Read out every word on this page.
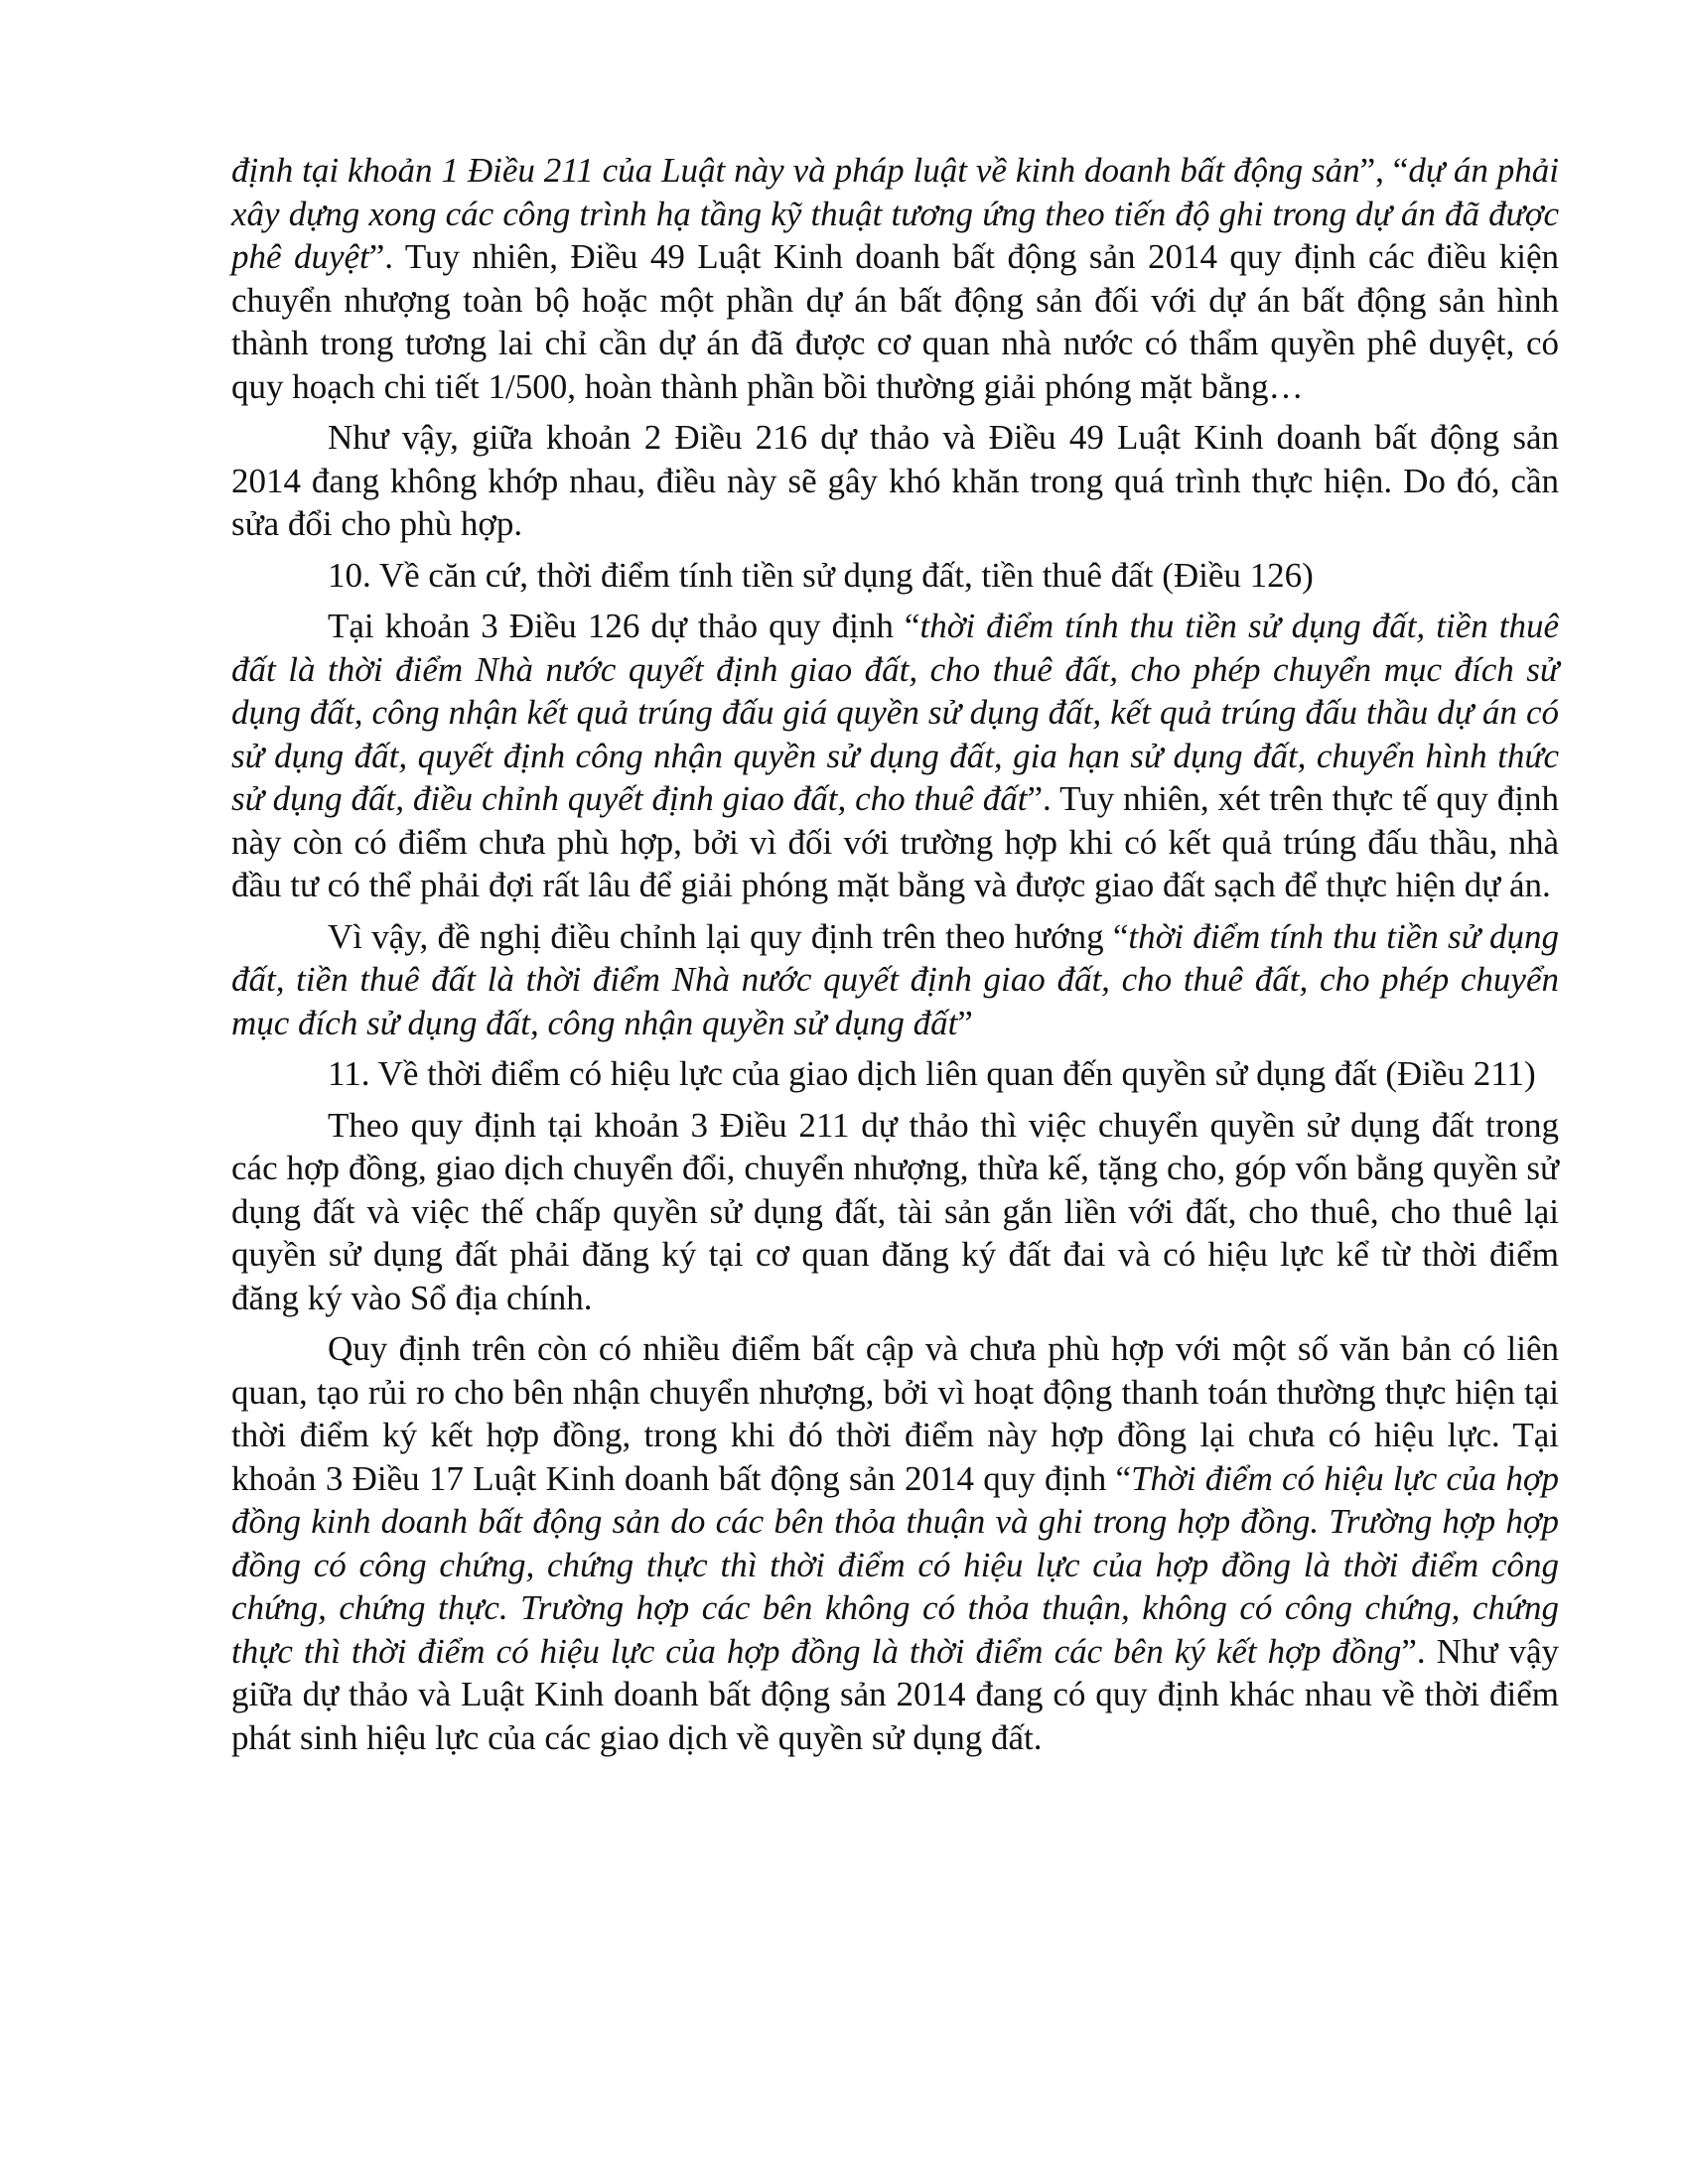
định tại khoản 1 Điều 211 của Luật này và pháp luật về kinh doanh bất động sản”, “dự án phải xây dựng xong các công trình hạ tầng kỹ thuật tương ứng theo tiến độ ghi trong dự án đã được phê duyệt”. Tuy nhiên, Điều 49 Luật Kinh doanh bất động sản 2014 quy định các điều kiện chuyển nhượng toàn bộ hoặc một phần dự án bất động sản đối với dự án bất động sản hình thành trong tương lai chỉ cần dự án đã được cơ quan nhà nước có thẩm quyền phê duyệt, có quy hoạch chi tiết 1/500, hoàn thành phần bồi thường giải phóng mặt bằng…

Như vậy, giữa khoản 2 Điều 216 dự thảo và Điều 49 Luật Kinh doanh bất động sản 2014 đang không khớp nhau, điều này sẽ gây khó khăn trong quá trình thực hiện. Do đó, cần sửa đổi cho phù hợp.

10. Về căn cứ, thời điểm tính tiền sử dụng đất, tiền thuê đất (Điều 126)

Tại khoản 3 Điều 126 dự thảo quy định “thời điểm tính thu tiền sử dụng đất, tiền thuê đất là thời điểm Nhà nước quyết định giao đất, cho thuê đất, cho phép chuyển mục đích sử dụng đất, công nhận kết quả trúng đấu giá quyền sử dụng đất, kết quả trúng đấu thầu dự án có sử dụng đất, quyết định công nhận quyền sử dụng đất, gia hạn sử dụng đất, chuyển hình thức sử dụng đất, điều chỉnh quyết định giao đất, cho thuê đất”. Tuy nhiên, xét trên thực tế quy định này còn có điểm chưa phù hợp, bởi vì đối với trường hợp khi có kết quả trúng đấu thầu, nhà đầu tư có thể phải đợi rất lâu để giải phóng mặt bằng và được giao đất sạch để thực hiện dự án.

Vì vậy, đề nghị điều chỉnh lại quy định trên theo hướng “thời điểm tính thu tiền sử dụng đất, tiền thuê đất là thời điểm Nhà nước quyết định giao đất, cho thuê đất, cho phép chuyển mục đích sử dụng đất, công nhận quyền sử dụng đất”

11. Về thời điểm có hiệu lực của giao dịch liên quan đến quyền sử dụng đất (Điều 211)

Theo quy định tại khoản 3 Điều 211 dự thảo thì việc chuyển quyền sử dụng đất trong các hợp đồng, giao dịch chuyển đổi, chuyển nhượng, thừa kế, tặng cho, góp vốn bằng quyền sử dụng đất và việc thế chấp quyền sử dụng đất, tài sản gắn liền với đất, cho thuê, cho thuê lại quyền sử dụng đất phải đăng ký tại cơ quan đăng ký đất đai và có hiệu lực kể từ thời điểm đăng ký vào Sổ địa chính.

Quy định trên còn có nhiều điểm bất cập và chưa phù hợp với một số văn bản có liên quan, tạo rủi ro cho bên nhận chuyển nhượng, bởi vì hoạt động thanh toán thường thực hiện tại thời điểm ký kết hợp đồng, trong khi đó thời điểm này hợp đồng lại chưa có hiệu lực. Tại khoản 3 Điều 17 Luật Kinh doanh bất động sản 2014 quy định “Thời điểm có hiệu lực của hợp đồng kinh doanh bất động sản do các bên thỏa thuận và ghi trong hợp đồng. Trường hợp hợp đồng có công chứng, chứng thực thì thời điểm có hiệu lực của hợp đồng là thời điểm công chứng, chứng thực. Trường hợp các bên không có thỏa thuận, không có công chứng, chứng thực thì thời điểm có hiệu lực của hợp đồng là thời điểm các bên ký kết hợp đồng”. Như vậy giữa dự thảo và Luật Kinh doanh bất động sản 2014 đang có quy định khác nhau về thời điểm phát sinh hiệu lực của các giao dịch về quyền sử dụng đất.
